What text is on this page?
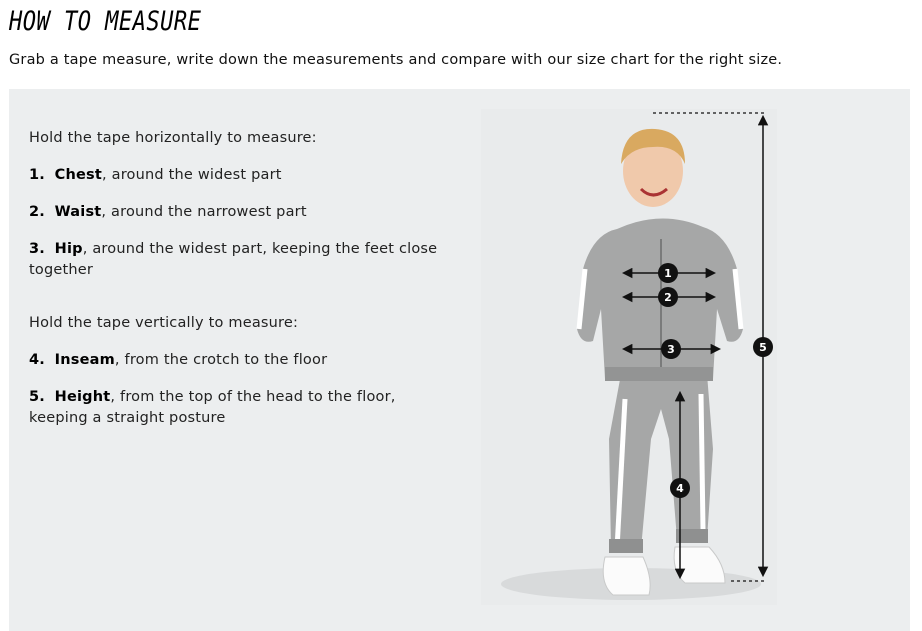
HOW TO MEASURE

Grab a tape measure, write down the measurements and compare with our size chart for the right size.

Hold the tape horizontally to measure:

1. Chest, around the widest part
2. Waist, around the narrowest part
3. Hip, around the widest part, keeping the feet close together

Hold the tape vertically to measure:

4. Inseam, from the crotch to the floor
5. Height, from the top of the head to the floor, keeping a straight posture
1
2
3
4
5
